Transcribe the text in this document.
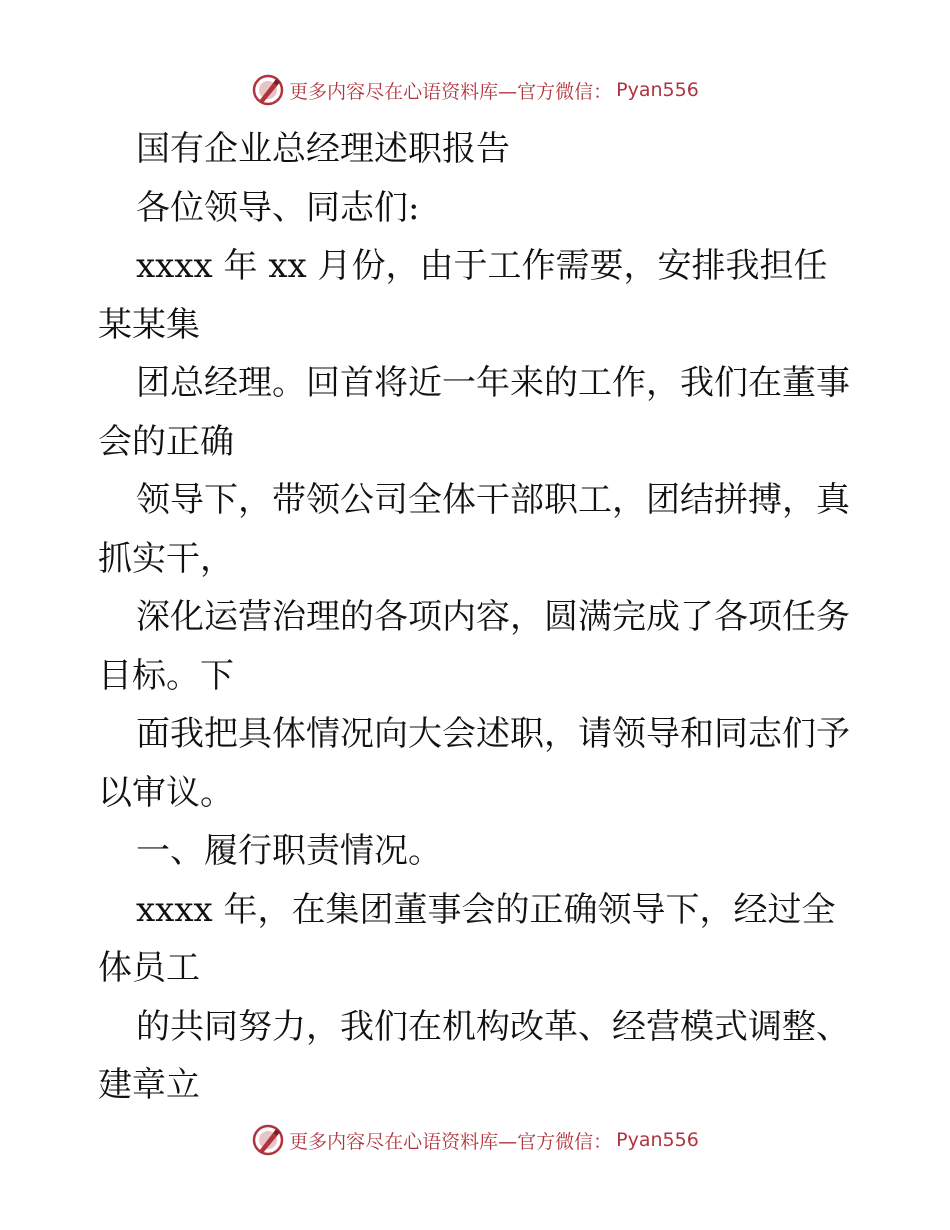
更多内容尽在心语资料库—官方微信： Pyan556
国有企业总经理述职报告
各位领导、同志们:
xxxx 年 xx 月份，由于工作需要，安排我担任
某某集
团总经理。回首将近一年来的工作，我们在董事
会的正确
领导下，带领公司全体干部职工，团结拼搏，真
抓实干，
深化运营治理的各项内容，圆满完成了各项任务
目标。下
面我把具体情况向大会述职，请领导和同志们予
以审议。
一、履行职责情况。
xxxx 年，在集团董事会的正确领导下，经过全
体员工
的共同努力，我们在机构改革、经营模式调整、
建章立
更多内容尽在心语资料库—官方微信： Pyan556
